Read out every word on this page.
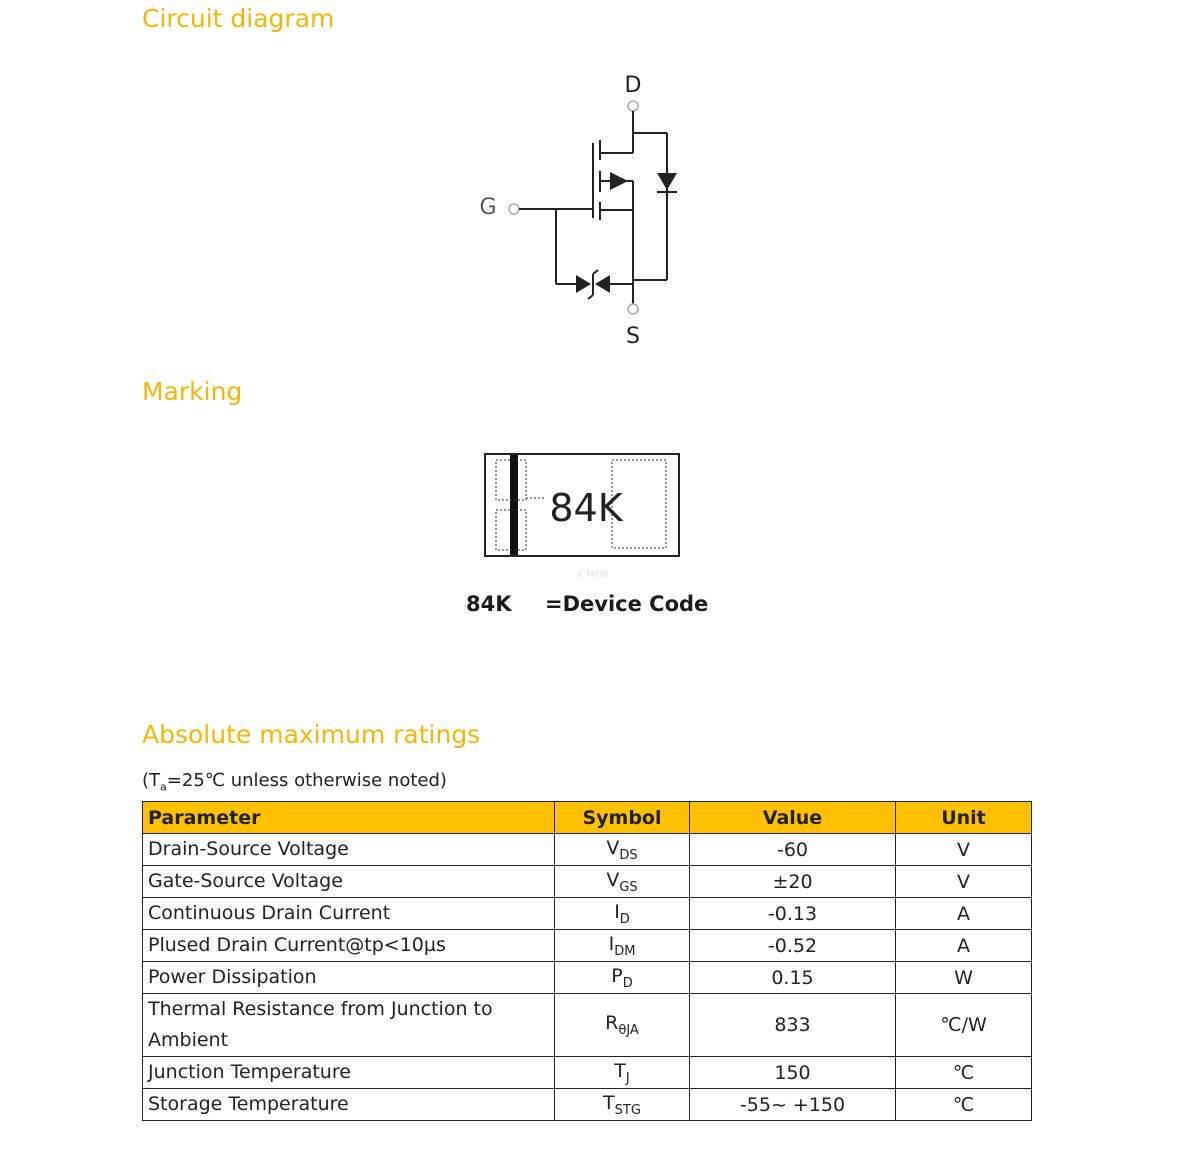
Circuit diagram
D
G
S
Marking
84K
ICMKW
84K =Device Code
Absolute maximum ratings
($T_a=25℃$ unless otherwise noted)
Parameter	Symbol	Value	Unit
Drain-Source Voltage	$V_{DS}$	-60	V
Gate-Source Voltage	$V_{GS}$	±20	V
Continuous Drain Current	$I_D$	-0.13	A
Plused Drain Current@tp<10µs	$I_{DM}$	-0.52	A
Power Dissipation	$P_D$	0.15	W
Thermal Resistance from Junction to Ambient	$R_{\theta JA}$	833	℃/W
Junction Temperature	$T_J$	150	℃
Storage Temperature	$T_{STG}$	-55~ +150	℃
